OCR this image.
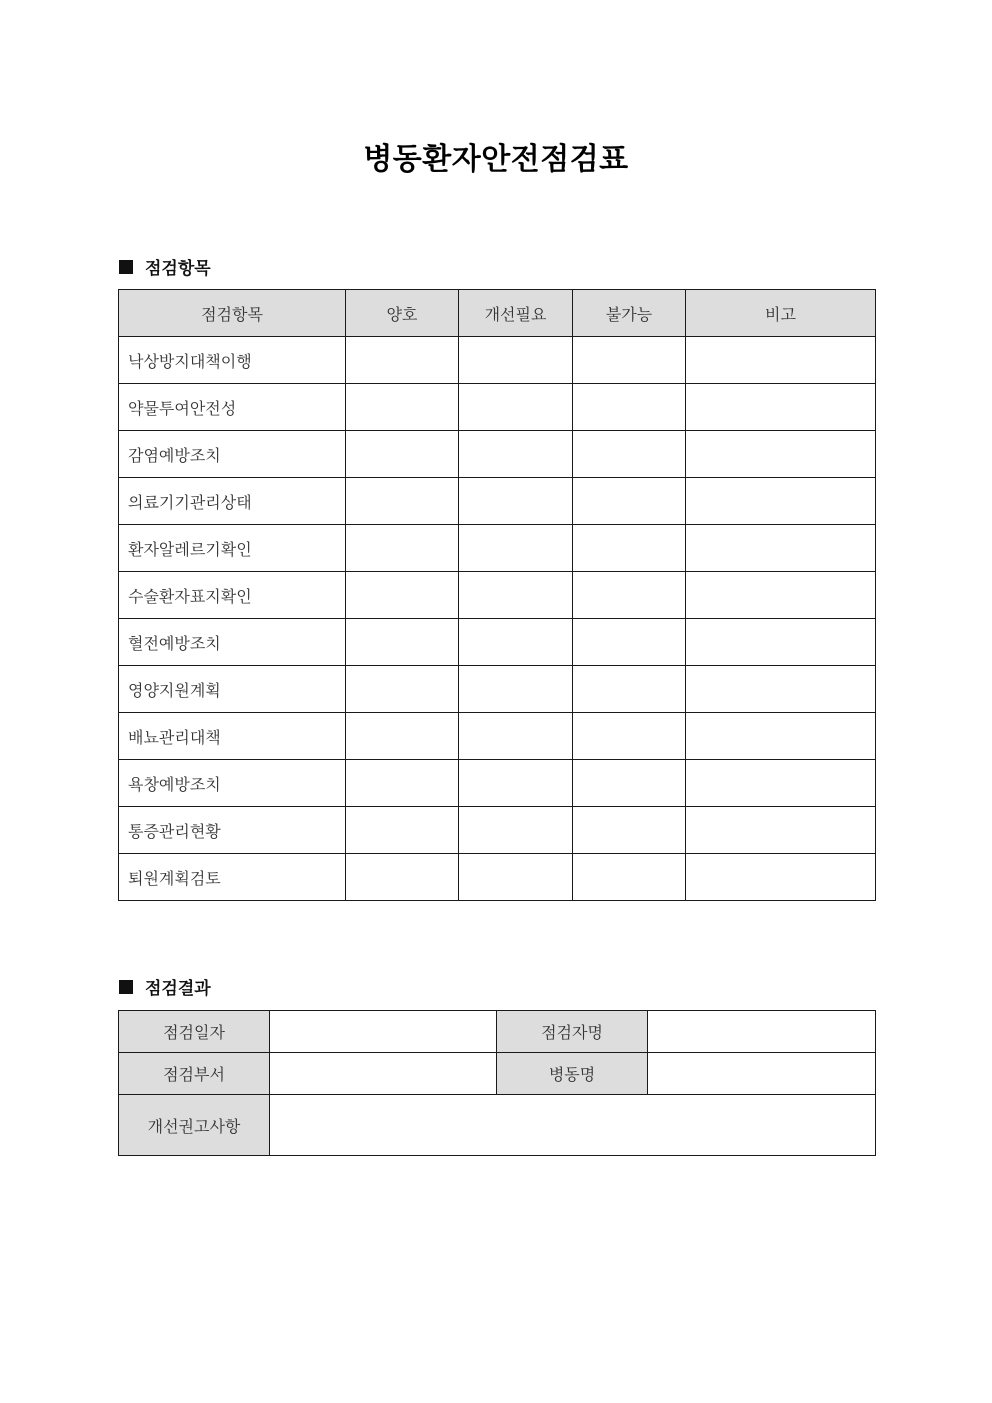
병동환자안전점검표
점검항목
점검항목	양호	개선필요	불가능	비고
낙상방지대책이행				
약물투여안전성				
감염예방조치				
의료기기관리상태				
환자알레르기확인				
수술환자표지확인				
혈전예방조치				
영양지원계획				
배뇨관리대책				
욕창예방조치				
통증관리현황				
퇴원계획검토				
점검결과
점검일자		점검자명	
점검부서		병동명	
개선권고사항			
